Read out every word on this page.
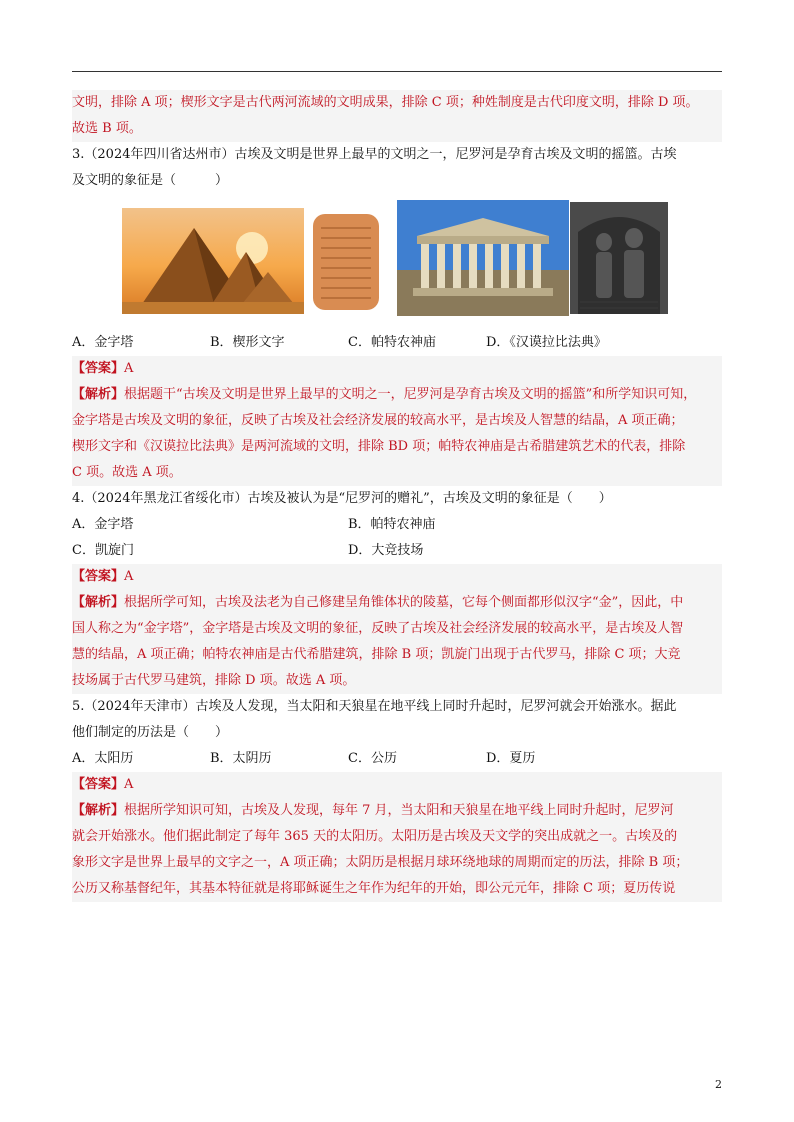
文明，排除 A 项；楔形文字是古代两河流域的文明成果，排除 C 项；种姓制度是古代印度文明，排除 D 项。
故选 B 项。
3.（2024年四川省达州市）古埃及文明是世界上最早的文明之一，尼罗河是孕育古埃及文明的摇篮。古埃
及文明的象征是（　　　）
A．金字塔	B．楔形文字	C．帕特农神庙	D．《汉谟拉比法典》
【答案】A
【解析】根据题干“古埃及文明是世界上最早的文明之一，尼罗河是孕育古埃及文明的摇篮”和所学知识可知，
金字塔是古埃及文明的象征，反映了古埃及社会经济发展的较高水平，是古埃及人智慧的结晶，A 项正确；
楔形文字和《汉谟拉比法典》是两河流域的文明，排除 BD 项；帕特农神庙是古希腊建筑艺术的代表，排除
C 项。故选 A 项。
4.（2024年黑龙江省绥化市）古埃及被认为是“尼罗河的赠礼”，古埃及文明的象征是（　　）
A．金字塔	B．帕特农神庙
C．凯旋门	D．大竞技场
【答案】A
【解析】根据所学可知，古埃及法老为自己修建呈角锥体状的陵墓，它每个侧面都形似汉字“金”，因此，中
国人称之为“金字塔”，金字塔是古埃及文明的象征，反映了古埃及社会经济发展的较高水平，是古埃及人智
慧的结晶，A 项正确；帕特农神庙是古代希腊建筑，排除 B 项；凯旋门出现于古代罗马，排除 C 项；大竞
技场属于古代罗马建筑，排除 D 项。故选 A 项。
5.（2024年天津市）古埃及人发现，当太阳和天狼星在地平线上同时升起时，尼罗河就会开始涨水。据此
他们制定的历法是（　　）
A．太阳历	B．太阴历	C．公历	D．夏历
【答案】A
【解析】根据所学知识可知，古埃及人发现，每年 7 月，当太阳和天狼星在地平线上同时升起时，尼罗河
就会开始涨水。他们据此制定了每年 365 天的太阳历。太阳历是古埃及天文学的突出成就之一。古埃及的
象形文字是世界上最早的文字之一，A 项正确；太阴历是根据月球环绕地球的周期而定的历法，排除 B 项；
公历又称基督纪年，其基本特征就是将耶稣诞生之年作为纪年的开始，即公元元年，排除 C 项；夏历传说
2
